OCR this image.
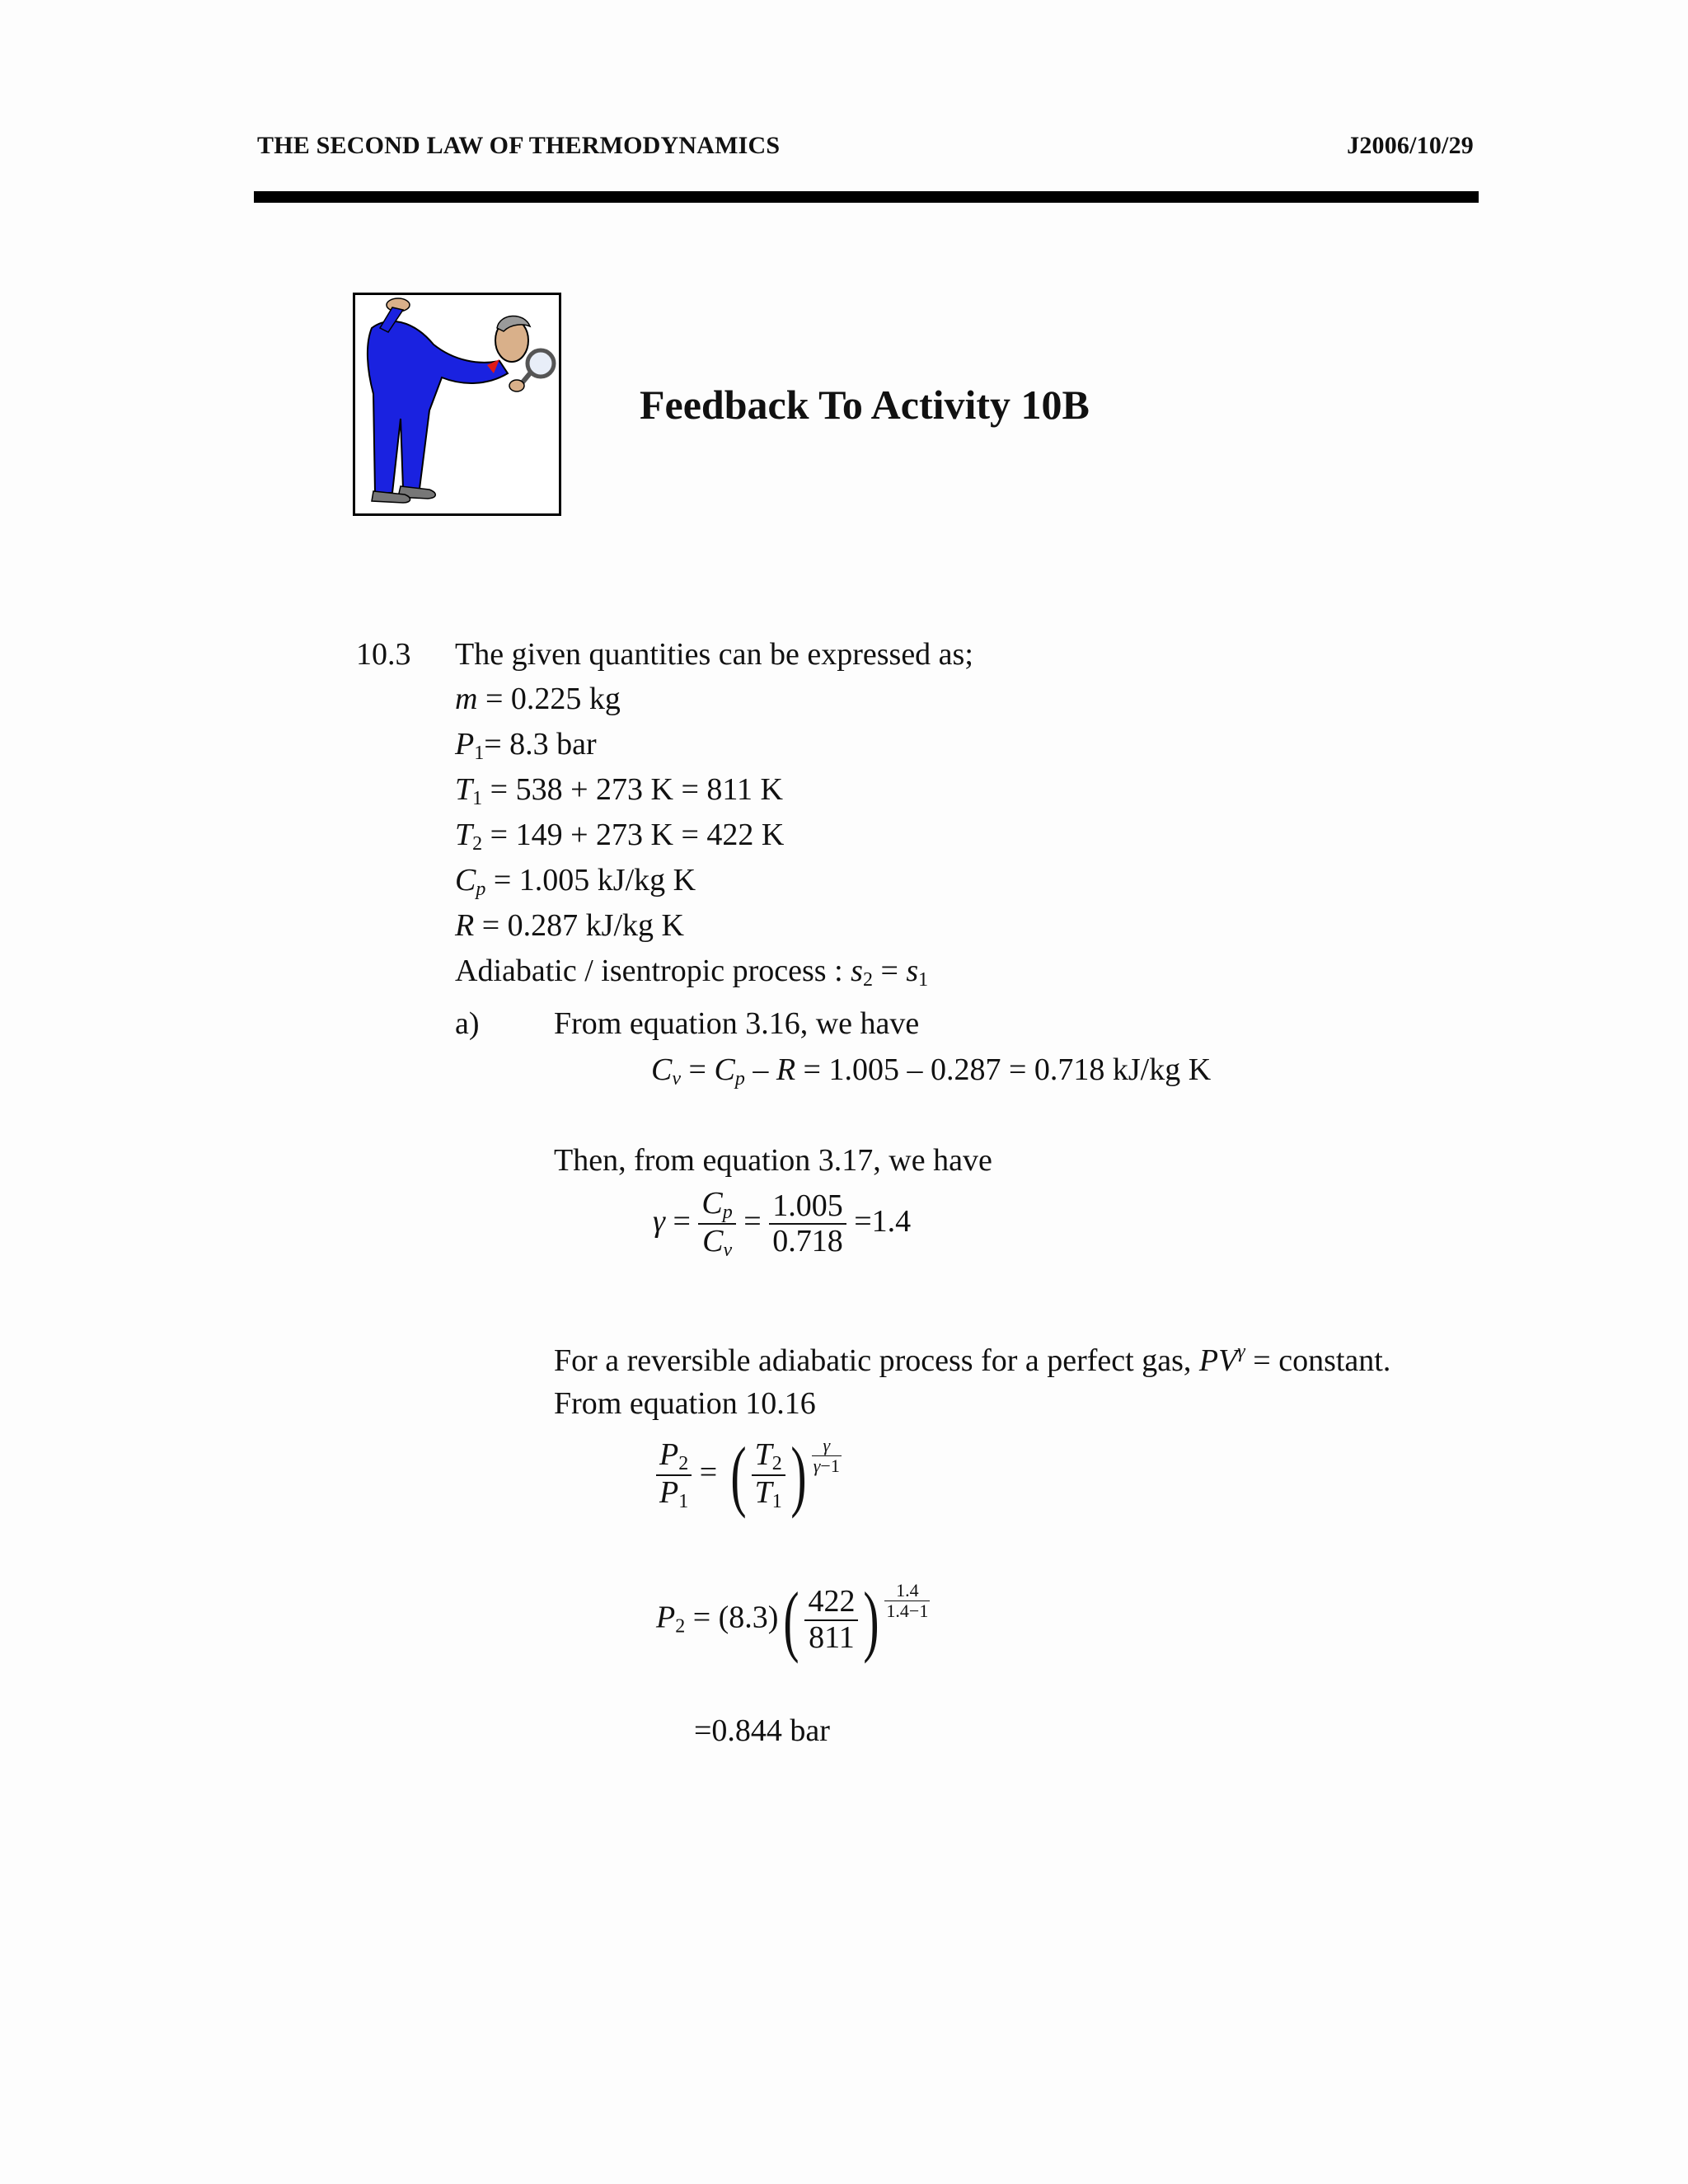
THE SECOND LAW OF THERMODYNAMICS	J2006/10/29
Feedback To Activity 10B
10.3 The given quantities can be expressed as;
m = 0.225 kg
$P_1= 8.3$ bar
$T_1 = 538 + 273$ K = 811 K
$T_2 = 149 + 273$ K = 422 K
$C_p = 1.005$ kJ/kg K
R = 0.287 kJ/kg K
Adiabatic / isentropic process : $s_2 = s_1$
a) From equation 3.16, we have
$C_v = C_p - R = 1.005 - 0.287 = 0.718$ kJ/kg K
Then, from equation 3.17, we have
$\gamma = \frac{C_p}{C_v} = \frac{1.005}{0.718} =1.4$
For a reversible adiabatic process for a perfect gas, $PV^\gamma$ = constant.
From equation 10.16
$\frac{P_2}{P_1}$ = ( $\frac{T_2}{T_1}$ ) $\frac{\gamma}{\gamma-1}$
$P_2 = (8.3)( \frac{422}{811}$ ) $\frac{1.4}{1.4-1}$
=0.844 bar
